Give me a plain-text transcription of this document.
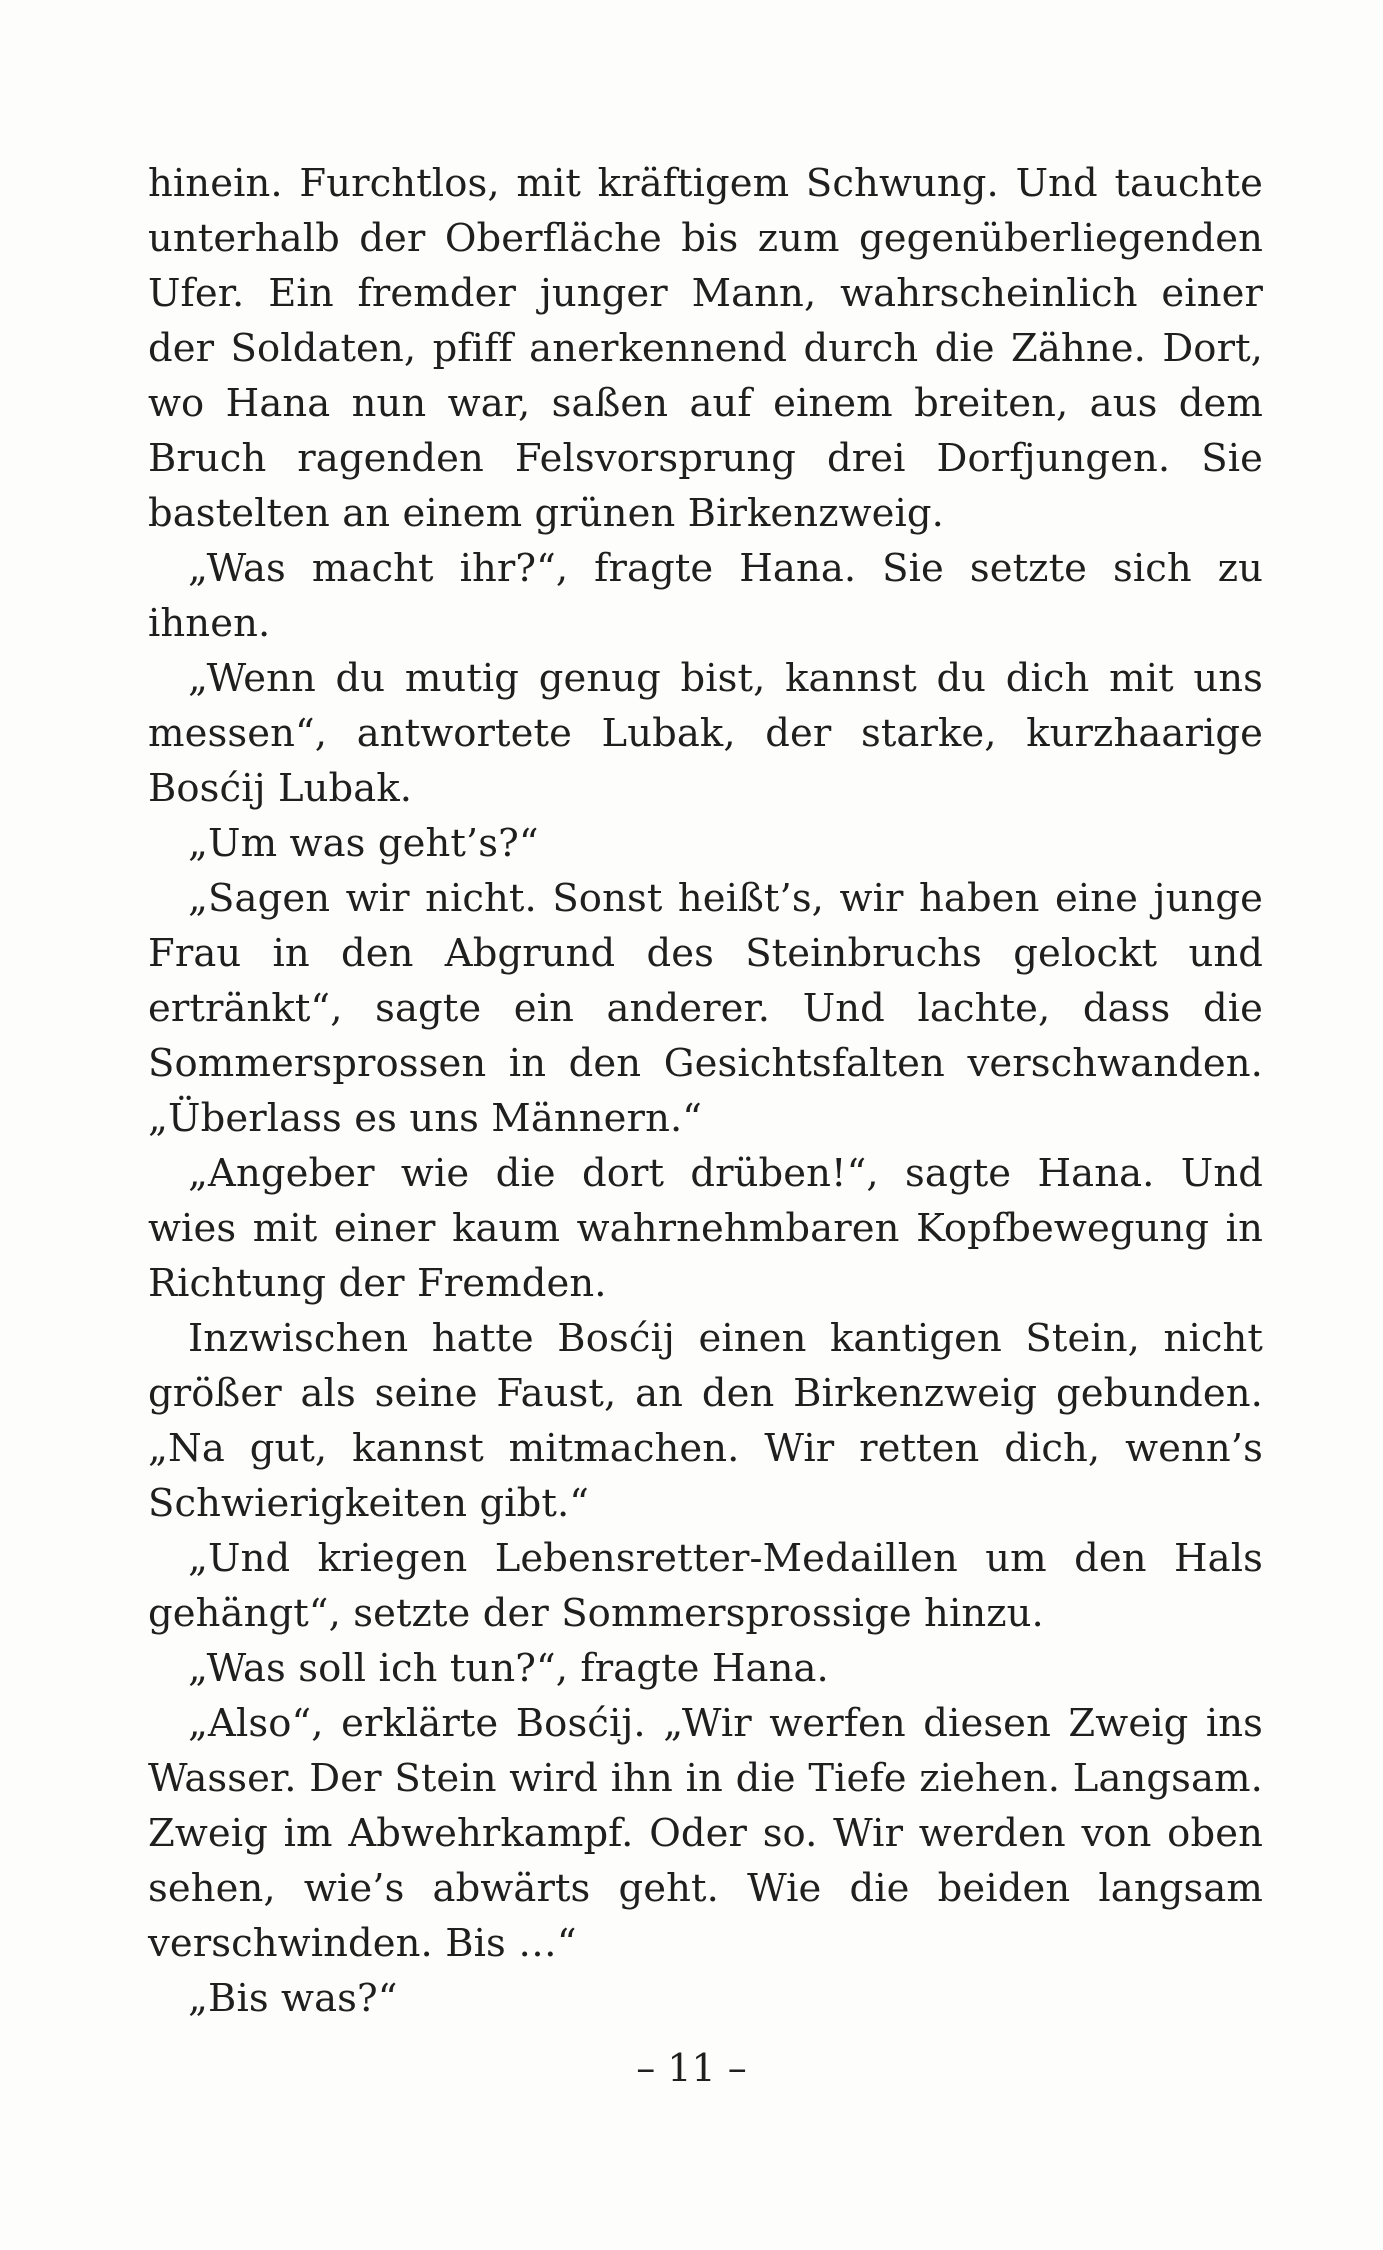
hinein. Furchtlos, mit kräftigem Schwung. Und tauchte unterhalb der Oberfläche bis zum gegenüberliegenden Ufer. Ein fremder junger Mann, wahrscheinlich einer der Soldaten, pfiff anerkennend durch die Zähne. Dort, wo Hana nun war, saßen auf einem breiten, aus dem Bruch ragenden Felsvorsprung drei Dorfjungen. Sie bastelten an einem grünen Birkenzweig.

„Was macht ihr?“, fragte Hana. Sie setzte sich zu ihnen.

„Wenn du mutig genug bist, kannst du dich mit uns messen“, antwortete Lubak, der starke, kurzhaarige Bosćij Lubak.

„Um was geht’s?“

„Sagen wir nicht. Sonst heißt’s, wir haben eine junge Frau in den Abgrund des Steinbruchs gelockt und ertränkt“, sagte ein anderer. Und lachte, dass die Sommersprossen in den Gesichtsfalten verschwanden. „Überlass es uns Männern.“

„Angeber wie die dort drüben!“, sagte Hana. Und wies mit einer kaum wahrnehmbaren Kopfbewegung in Richtung der Fremden.

Inzwischen hatte Bosćij einen kantigen Stein, nicht größer als seine Faust, an den Birkenzweig gebunden. „Na gut, kannst mitmachen. Wir retten dich, wenn’s Schwierigkeiten gibt.“

„Und kriegen Lebensretter-Medaillen um den Hals gehängt“, setzte der Sommersprossige hinzu.

„Was soll ich tun?“, fragte Hana.

„Also“, erklärte Bosćij. „Wir werfen diesen Zweig ins Wasser. Der Stein wird ihn in die Tiefe ziehen. Langsam. Zweig im Abwehrkampf. Oder so. Wir werden von oben sehen, wie’s abwärts geht. Wie die beiden langsam verschwinden. Bis …“

„Bis was?“

– 11 –
